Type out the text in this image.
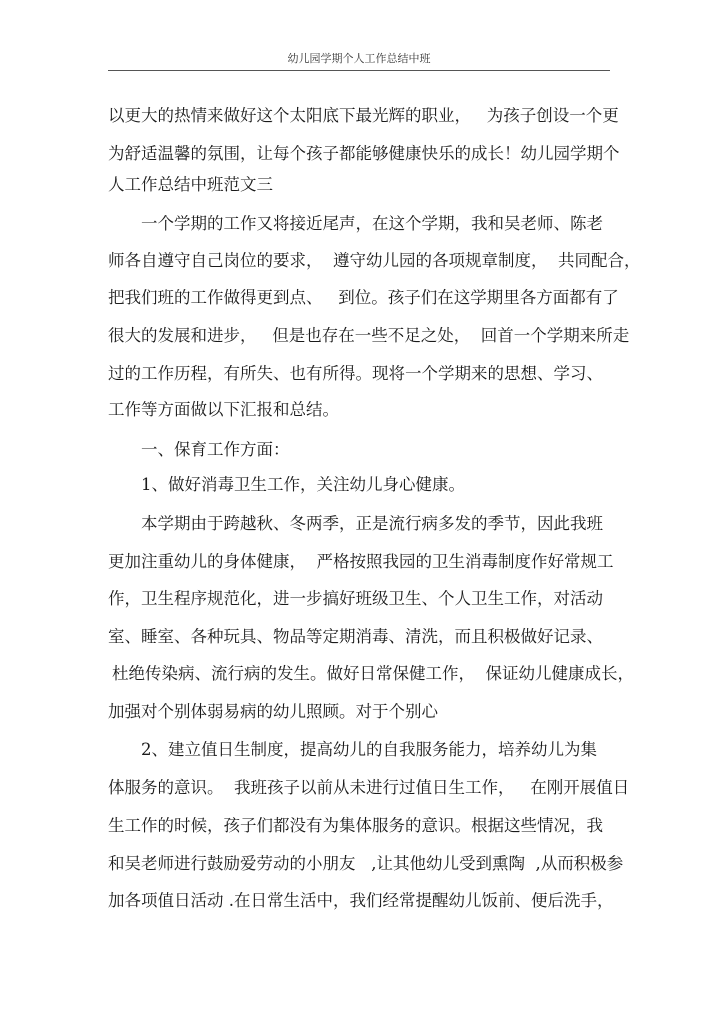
幼儿园学期个人工作总结中班
以更大的热情来做好这个太阳底下最光辉的职业，   为孩子创设一个更
为舒适温馨的氛围，让每个孩子都能够健康快乐的成长！幼儿园学期个
人工作总结中班范文三
一个学期的工作又将接近尾声，在这个学期，我和吴老师、陈老
师各自遵守自己岗位的要求，  遵守幼儿园的各项规章制度，  共同配合，
把我们班的工作做得更到点、   到位。孩子们在这学期里各方面都有了
很大的发展和进步，   但是也存在一些不足之处，  回首一个学期来所走
过的工作历程，有所失、也有所得。现将一个学期来的思想、学习、
工作等方面做以下汇报和总结。
一、保育工作方面：
1、做好消毒卫生工作，关注幼儿身心健康。
本学期由于跨越秋、冬两季，正是流行病多发的季节，因此我班
更加注重幼儿的身体健康，  严格按照我园的卫生消毒制度作好常规工
作，卫生程序规范化，进一步搞好班级卫生、个人卫生工作，对活动
室、睡室、各种玩具、物品等定期消毒、清洗，而且积极做好记录、
杜绝传染病、流行病的发生。做好日常保健工作，  保证幼儿健康成长，
加强对个别体弱易病的幼儿照顾。对于个别心
2、建立值日生制度，提高幼儿的自我服务能力，培养幼儿为集
体服务的意识。  我班孩子以前从未进行过值日生工作，   在刚开展值日
生工作的时候，孩子们都没有为集体服务的意识。根据这些情况，我
和吴老师进行鼓励爱劳动的小朋友   ,让其他幼儿受到熏陶  ,从而积极参
加各项值日活动 .在日常生活中，我们经常提醒幼儿饭前、便后洗手，
